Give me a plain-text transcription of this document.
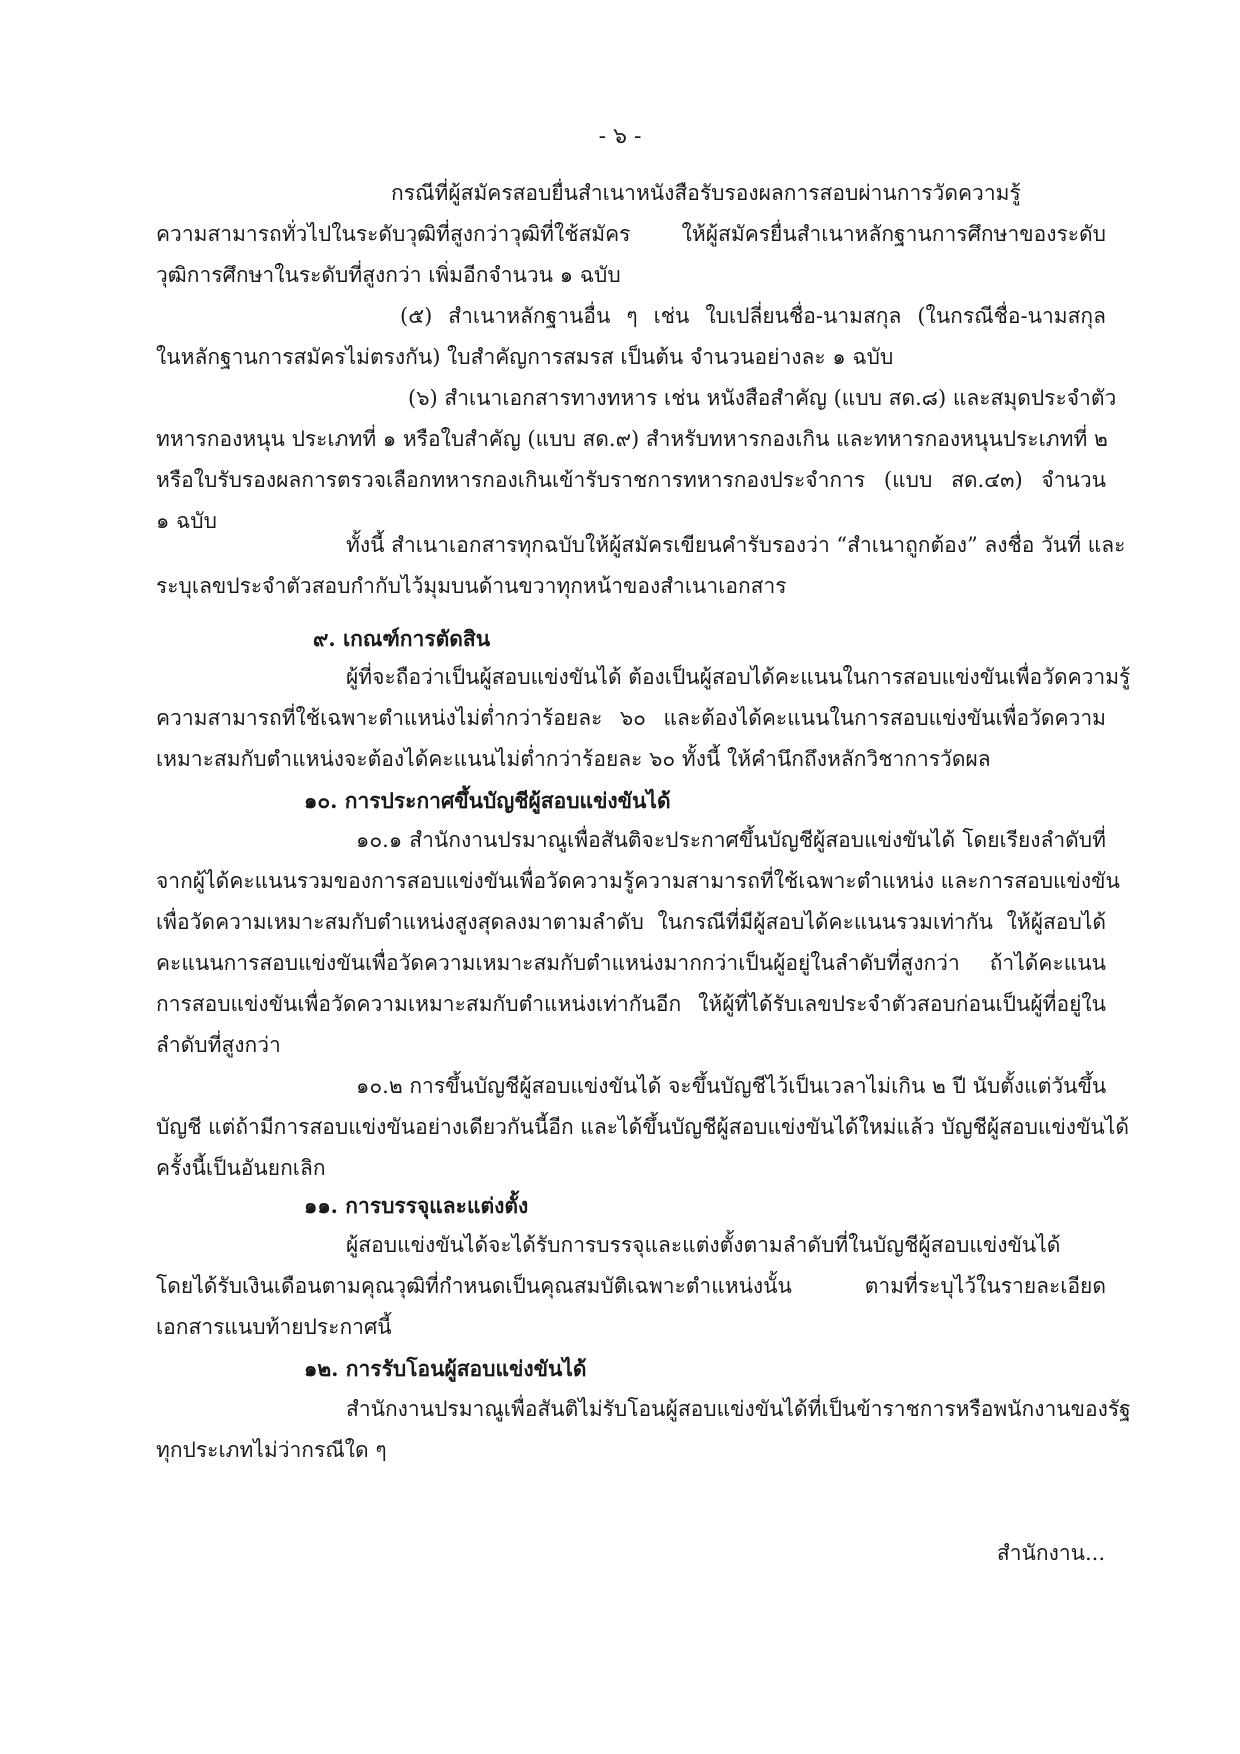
- ๖ -
กรณีที่ผู้สมัครสอบยื่นสำเนาหนังสือรับรองผลการสอบผ่านการวัดความรู้
ความสามารถทั่วไปในระดับวุฒิที่สูงกว่าวุฒิที่ใช้สมัคร ให้ผู้สมัครยื่นสำเนาหลักฐานการศึกษาของระดับ
วุฒิการศึกษาในระดับที่สูงกว่า เพิ่มอีกจำนวน ๑ ฉบับ
(๕) สำเนาหลักฐานอื่น ๆ เช่น ใบเปลี่ยนชื่อ-นามสกุล (ในกรณีชื่อ-นามสกุล
ในหลักฐานการสมัครไม่ตรงกัน) ใบสำคัญการสมรส เป็นต้น จำนวนอย่างละ ๑ ฉบับ
(๖) สำเนาเอกสารทางทหาร เช่น หนังสือสำคัญ (แบบ สด.๘) และสมุดประจำตัว
ทหารกองหนุน ประเภทที่ ๑ หรือใบสำคัญ (แบบ สด.๙) สำหรับทหารกองเกิน และทหารกองหนุนประเภทที่ ๒
หรือใบรับรองผลการตรวจเลือกทหารกองเกินเข้ารับราชการทหารกองประจำการ (แบบ สด.๔๓) จำนวน
๑ ฉบับ
ทั้งนี้ สำเนาเอกสารทุกฉบับให้ผู้สมัครเขียนคำรับรองว่า “สำเนาถูกต้อง” ลงชื่อ วันที่ และ
ระบุเลขประจำตัวสอบกำกับไว้มุมบนด้านขวาทุกหน้าของสำเนาเอกสาร
๙. เกณฑ์การตัดสิน
ผู้ที่จะถือว่าเป็นผู้สอบแข่งขันได้ ต้องเป็นผู้สอบได้คะแนนในการสอบแข่งขันเพื่อวัดความรู้
ความสามารถที่ใช้เฉพาะตำแหน่งไม่ต่ำกว่าร้อยละ ๖๐ และต้องได้คะแนนในการสอบแข่งขันเพื่อวัดความ
เหมาะสมกับตำแหน่งจะต้องได้คะแนนไม่ต่ำกว่าร้อยละ ๖๐ ทั้งนี้ ให้คำนึกถึงหลักวิชาการวัดผล
๑๐. การประกาศขึ้นบัญชีผู้สอบแข่งขันได้
๑๐.๑ สำนักงานปรมาณูเพื่อสันติจะประกาศขึ้นบัญชีผู้สอบแข่งขันได้ โดยเรียงลำดับที่
จากผู้ได้คะแนนรวมของการสอบแข่งขันเพื่อวัดความรู้ความสามารถที่ใช้เฉพาะตำแหน่ง และการสอบแข่งขัน
เพื่อวัดความเหมาะสมกับตำแหน่งสูงสุดลงมาตามลำดับ ในกรณีที่มีผู้สอบได้คะแนนรวมเท่ากัน ให้ผู้สอบได้
คะแนนการสอบแข่งขันเพื่อวัดความเหมาะสมกับตำแหน่งมากกว่าเป็นผู้อยู่ในลำดับที่สูงกว่า ถ้าได้คะแนน
การสอบแข่งขันเพื่อวัดความเหมาะสมกับตำแหน่งเท่ากันอีก ให้ผู้ที่ได้รับเลขประจำตัวสอบก่อนเป็นผู้ที่อยู่ใน
ลำดับที่สูงกว่า
๑๐.๒ การขึ้นบัญชีผู้สอบแข่งขันได้ จะขึ้นบัญชีไว้เป็นเวลาไม่เกิน ๒ ปี นับตั้งแต่วันขึ้น
บัญชี แต่ถ้ามีการสอบแข่งขันอย่างเดียวกันนี้อีก และได้ขึ้นบัญชีผู้สอบแข่งขันได้ใหม่แล้ว บัญชีผู้สอบแข่งขันได้
ครั้งนี้เป็นอันยกเลิก
๑๑. การบรรจุและแต่งตั้ง
ผู้สอบแข่งขันได้จะได้รับการบรรจุและแต่งตั้งตามลำดับที่ในบัญชีผู้สอบแข่งขันได้
โดยได้รับเงินเดือนตามคุณวุฒิที่กำหนดเป็นคุณสมบัติเฉพาะตำแหน่งนั้น ตามที่ระบุไว้ในรายละเอียด
เอกสารแนบท้ายประกาศนี้
๑๒. การรับโอนผู้สอบแข่งขันได้
สำนักงานปรมาณูเพื่อสันติไม่รับโอนผู้สอบแข่งขันได้ที่เป็นข้าราชการหรือพนักงานของรัฐ
ทุกประเภทไม่ว่ากรณีใด ๆ
สำนักงาน...
